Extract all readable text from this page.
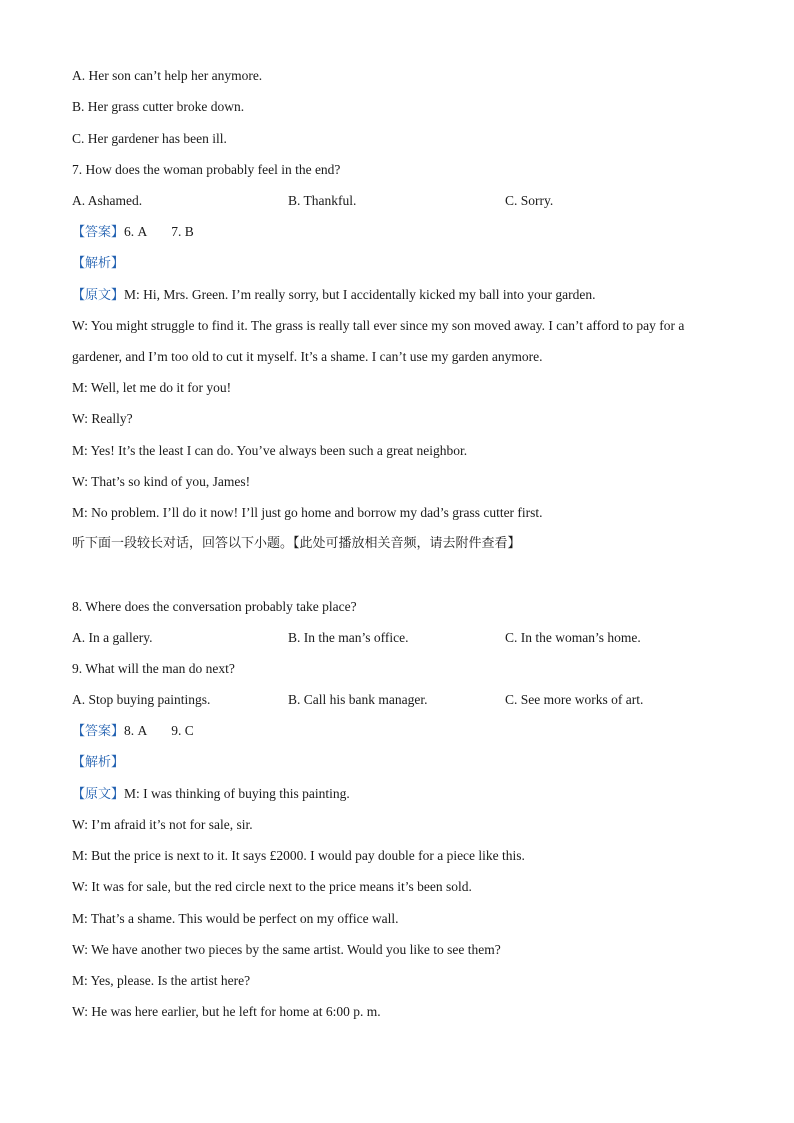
A. Her son can’t help her anymore.
B. Her grass cutter broke down.
C. Her gardener has been ill.
7. How does the woman probably feel in the end?
A. Ashamed.	B. Thankful.	C. Sorry.
【答案】6. A 7. B
【解析】
【原文】M: Hi, Mrs. Green. I’m really sorry, but I accidentally kicked my ball into your garden.
W: You might struggle to find it. The grass is really tall ever since my son moved away. I can’t afford to pay for a
gardener, and I’m too old to cut it myself. It’s a shame. I can’t use my garden anymore.
M: Well, let me do it for you!
W: Really?
M: Yes! It’s the least I can do. You’ve always been such a great neighbor.
W: That’s so kind of you, James!
M: No problem. I’ll do it now! I’ll just go home and borrow my dad’s grass cutter first.
听下面一段较长对话，回答以下小题。【此处可播放相关音频，请去附件查看】
8. Where does the conversation probably take place?
A. In a gallery.	B. In the man’s office.	C. In the woman’s home.
9. What will the man do next?
A. Stop buying paintings.	B. Call his bank manager.	C. See more works of art.
【答案】8. A 9. C
【解析】
【原文】M: I was thinking of buying this painting.
W: I’m afraid it’s not for sale, sir.
M: But the price is next to it. It says £2000. I would pay double for a piece like this.
W: It was for sale, but the red circle next to the price means it’s been sold.
M: That’s a shame. This would be perfect on my office wall.
W: We have another two pieces by the same artist. Would you like to see them?
M: Yes, please. Is the artist here?
W: He was here earlier, but he left for home at 6:00 p. m.
